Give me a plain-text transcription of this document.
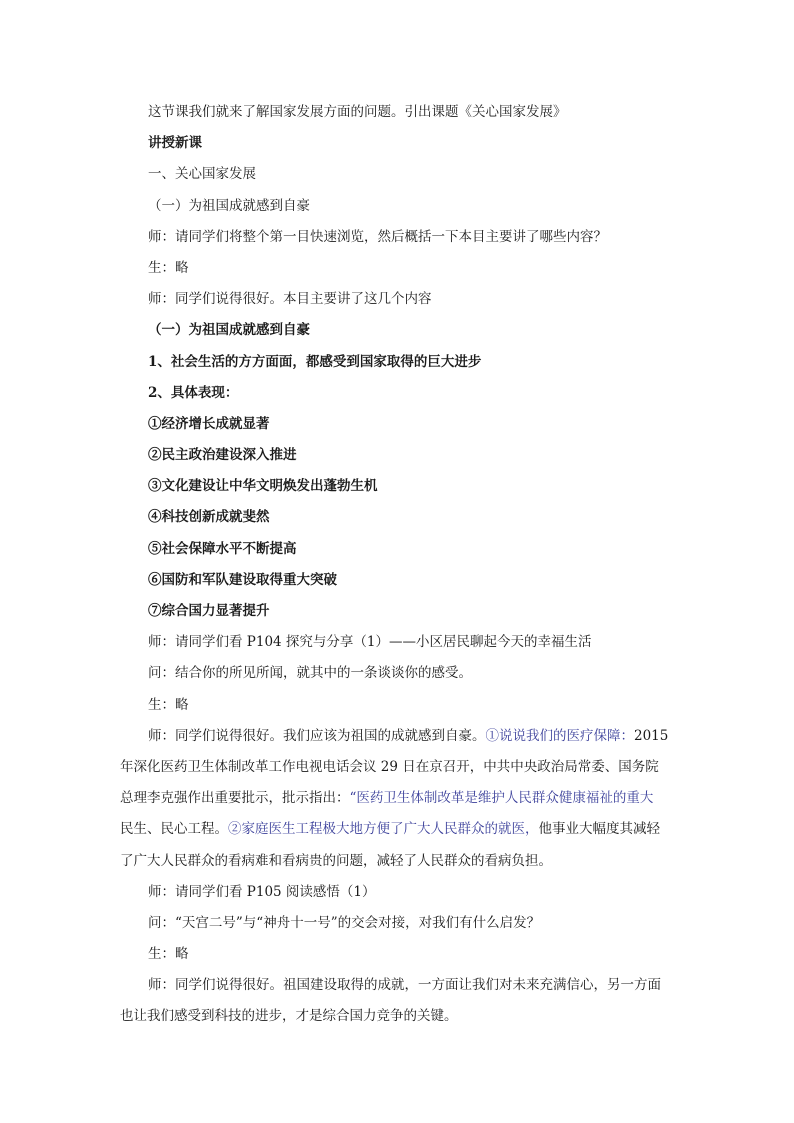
这节课我们就来了解国家发展方面的问题。引出课题《关心国家发展》
讲授新课
一、关心国家发展
（一）为祖国成就感到自豪
师：请同学们将整个第一目快速浏览，然后概括一下本目主要讲了哪些内容？
生：略
师：同学们说得很好。本目主要讲了这几个内容
（一）为祖国成就感到自豪
1、社会生活的方方面面，都感受到国家取得的巨大进步
2、具体表现：
①经济增长成就显著
②民主政治建设深入推进
③文化建设让中华文明焕发出蓬勃生机
④科技创新成就斐然
⑤社会保障水平不断提高
⑥国防和军队建设取得重大突破
⑦综合国力显著提升
师：请同学们看 P104 探究与分享（1）——小区居民聊起今天的幸福生活
问：结合你的所见所闻，就其中的一条谈谈你的感受。
生：略
师：同学们说得很好。我们应该为祖国的成就感到自豪。①说说我们的医疗保障：2015
年深化医药卫生体制改革工作电视电话会议 29 日在京召开，中共中央政治局常委、国务院
总理李克强作出重要批示，批示指出：“医药卫生体制改革是维护人民群众健康福祉的重大
民生、民心工程。②家庭医生工程极大地方便了广大人民群众的就医，他事业大幅度其减轻
了广大人民群众的看病难和看病贵的问题，减轻了人民群众的看病负担。
师：请同学们看 P105 阅读感悟（1）
问：“天宫二号”与“神舟十一号”的交会对接，对我们有什么启发？
生：略
师：同学们说得很好。祖国建设取得的成就，一方面让我们对未来充满信心，另一方面
也让我们感受到科技的进步，才是综合国力竞争的关键。
